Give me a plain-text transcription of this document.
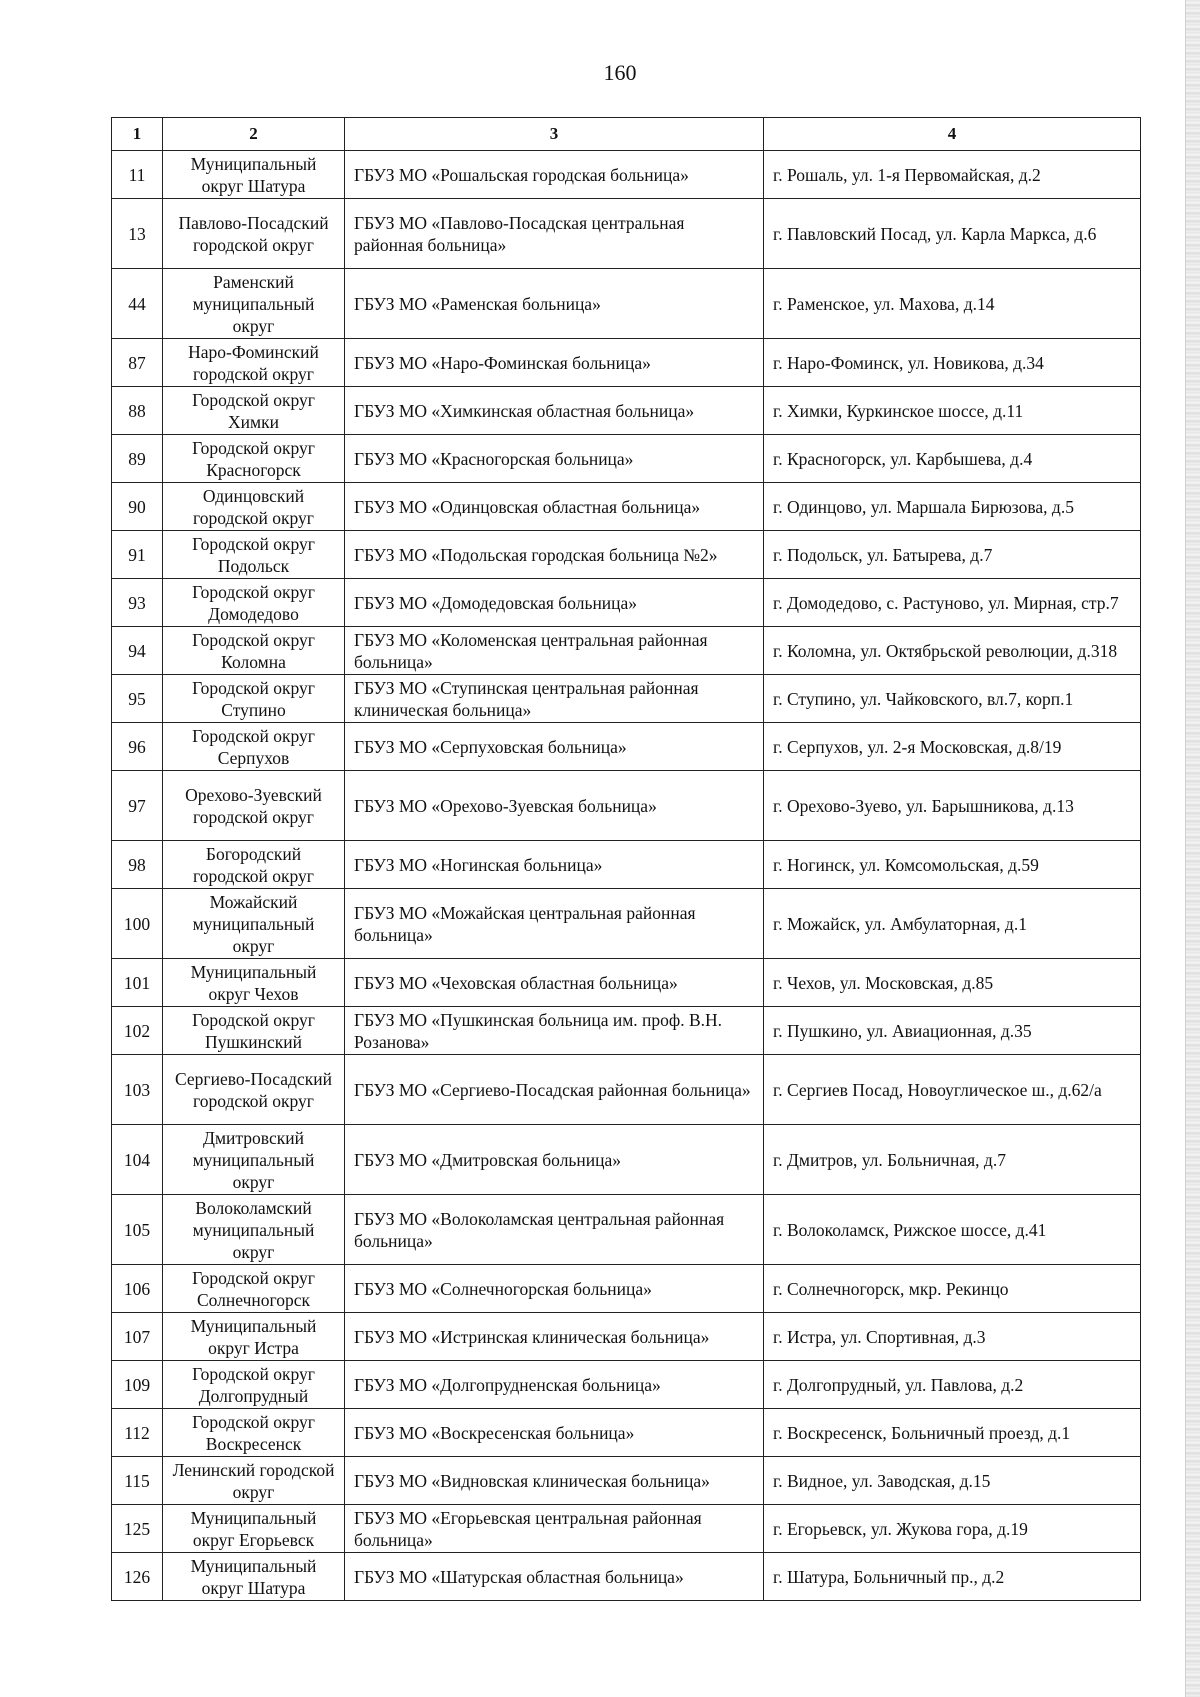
160
1	2	3	4
11	Муниципальный округ Шатура	ГБУЗ МО «Рошальская городская больница»	г. Рошаль, ул. 1-я Первомайская, д.2
13	Павлово-Посадский городской округ	ГБУЗ МО «Павлово-Посадская центральная районная больница»	г. Павловский Посад, ул. Карла Маркса, д.6
44	Раменский муниципальный округ	ГБУЗ МО «Раменская больница»	г. Раменское, ул. Махова, д.14
87	Наро-Фоминский городской округ	ГБУЗ МО «Наро-Фоминская больница»	г. Наро-Фоминск, ул. Новикова, д.34
88	Городской округ Химки	ГБУЗ МО «Химкинская областная больница»	г. Химки, Куркинское шоссе, д.11
89	Городской округ Красногорск	ГБУЗ МО «Красногорская больница»	г. Красногорск, ул. Карбышева, д.4
90	Одинцовский городской округ	ГБУЗ МО «Одинцовская областная больница»	г. Одинцово, ул. Маршала Бирюзова, д.5
91	Городской округ Подольск	ГБУЗ МО «Подольская городская больница №2»	г. Подольск, ул. Батырева, д.7
93	Городской округ Домодедово	ГБУЗ МО «Домодедовская больница»	г. Домодедово, с. Растуново, ул. Мирная, стр.7
94	Городской округ Коломна	ГБУЗ МО «Коломенская центральная районная больница»	г. Коломна, ул. Октябрьской революции, д.318
95	Городской округ Ступино	ГБУЗ МО «Ступинская центральная районная клиническая больница»	г. Ступино, ул. Чайковского, вл.7, корп.1
96	Городской округ Серпухов	ГБУЗ МО «Серпуховская больница»	г. Серпухов, ул. 2-я Московская, д.8/19
97	Орехово-Зуевский городской округ	ГБУЗ МО «Орехово-Зуевская больница»	г. Орехово-Зуево, ул. Барышникова, д.13
98	Богородский городской округ	ГБУЗ МО «Ногинская больница»	г. Ногинск, ул. Комсомольская, д.59
100	Можайский муниципальный округ	ГБУЗ МО «Можайская центральная районная больница»	г. Можайск, ул. Амбулаторная, д.1
101	Муниципальный округ Чехов	ГБУЗ МО «Чеховская областная больница»	г. Чехов, ул. Московская, д.85
102	Городской округ Пушкинский	ГБУЗ МО «Пушкинская больница им. проф. В.Н. Розанова»	г. Пушкино, ул. Авиационная, д.35
103	Сергиево-Посадский городской округ	ГБУЗ МО «Сергиево-Посадская районная больница»	г. Сергиев Посад, Новоуглическое ш., д.62/а
104	Дмитровский муниципальный округ	ГБУЗ МО «Дмитровская больница»	г. Дмитров, ул. Больничная, д.7
105	Волоколамский муниципальный округ	ГБУЗ МО «Волоколамская центральная районная больница»	г. Волоколамск, Рижское шоссе, д.41
106	Городской округ Солнечногорск	ГБУЗ МО «Солнечногорская больница»	г. Солнечногорск, мкр. Рекинцо
107	Муниципальный округ Истра	ГБУЗ МО «Истринская клиническая больница»	г. Истра, ул. Спортивная, д.3
109	Городской округ Долгопрудный	ГБУЗ МО «Долгопрудненская больница»	г. Долгопрудный, ул. Павлова, д.2
112	Городской округ Воскресенск	ГБУЗ МО «Воскресенская больница»	г. Воскресенск, Больничный проезд, д.1
115	Ленинский городской округ	ГБУЗ МО «Видновская клиническая больница»	г. Видное, ул. Заводская, д.15
125	Муниципальный округ Егорьевск	ГБУЗ МО «Егорьевская центральная районная больница»	г. Егорьевск, ул. Жукова гора, д.19
126	Муниципальный округ Шатура	ГБУЗ МО «Шатурская областная больница»	г. Шатура, Больничный пр., д.2
